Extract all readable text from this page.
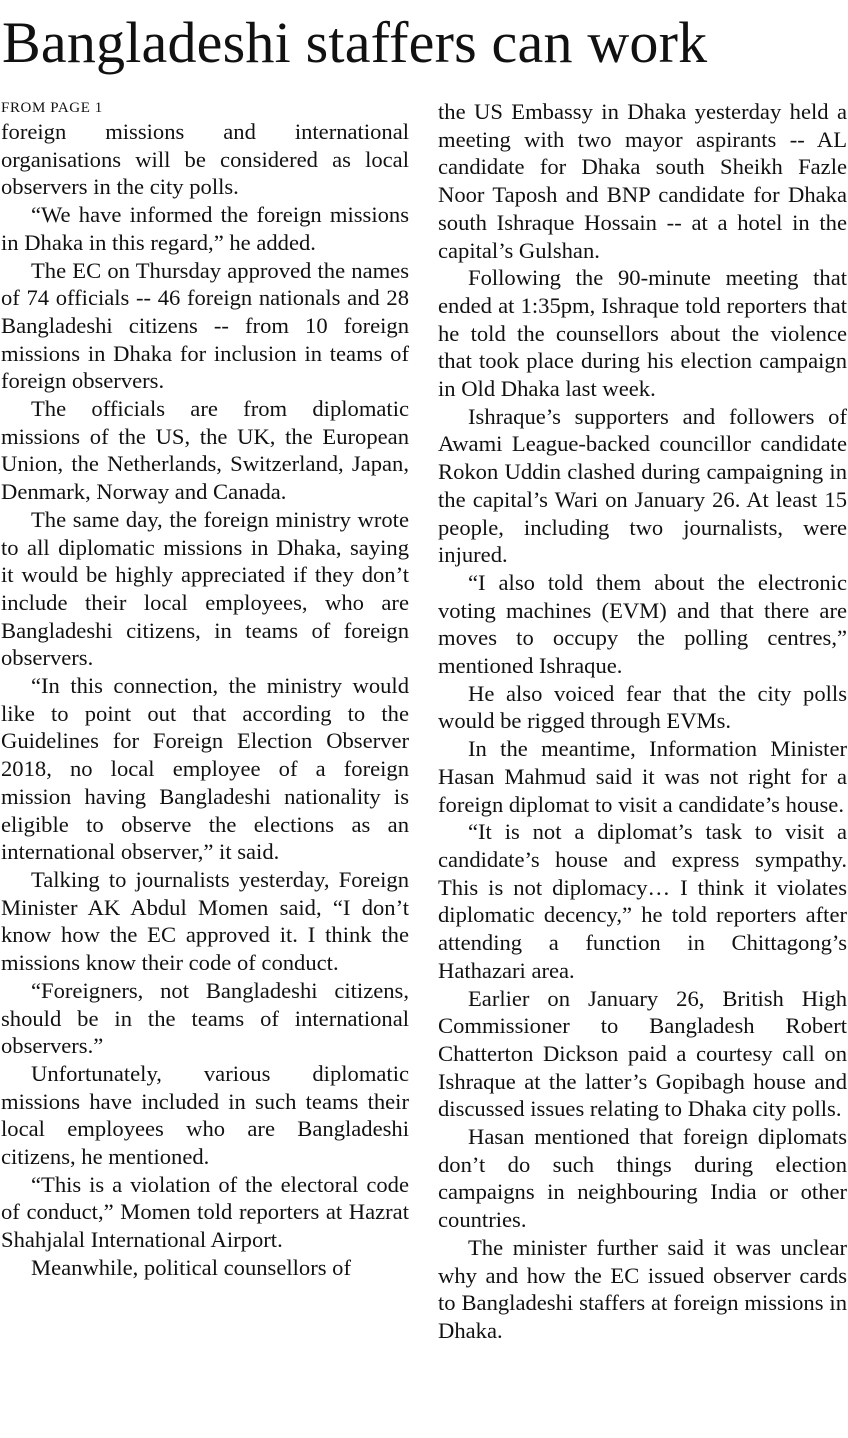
Bangladeshi staffers can work
FROM PAGE 1

foreign missions and international organisations will be considered as local observers in the city polls.

“We have informed the foreign missions in Dhaka in this regard,” he added.

The EC on Thursday approved the names of 74 officials -- 46 foreign nationals and 28 Bangladeshi citizens -- from 10 foreign missions in Dhaka for inclusion in teams of foreign observers.

The officials are from diplomatic missions of the US, the UK, the European Union, the Netherlands, Switzerland, Japan, Denmark, Norway and Canada.

The same day, the foreign ministry wrote to all diplomatic missions in Dhaka, saying it would be highly appreciated if they don’t include their local employees, who are Bangladeshi citizens, in teams of foreign observers.

“In this connection, the ministry would like to point out that according to the Guidelines for Foreign Election Observer 2018, no local employee of a foreign mission having Bangladeshi nationality is eligible to observe the elections as an international observer,” it said.

Talking to journalists yesterday, Foreign Minister AK Abdul Momen said, “I don’t know how the EC approved it. I think the missions know their code of conduct.

“Foreigners, not Bangladeshi citizens, should be in the teams of international observers.”

Unfortunately, various diplomatic missions have included in such teams their local employees who are Bangladeshi citizens, he mentioned.

“This is a violation of the electoral code of conduct,” Momen told reporters at Hazrat Shahjalal International Airport.

Meanwhile, political counsellors of

the US Embassy in Dhaka yesterday held a meeting with two mayor aspirants -- AL candidate for Dhaka south Sheikh Fazle Noor Taposh and BNP candidate for Dhaka south Ishraque Hossain -- at a hotel in the capital’s Gulshan.

Following the 90-minute meeting that ended at 1:35pm, Ishraque told reporters that he told the counsellors about the violence that took place during his election campaign in Old Dhaka last week.

Ishraque’s supporters and followers of Awami League-backed councillor candidate Rokon Uddin clashed during campaigning in the capital’s Wari on January 26. At least 15 people, including two journalists, were injured.

“I also told them about the electronic voting machines (EVM) and that there are moves to occupy the polling centres,” mentioned Ishraque.

He also voiced fear that the city polls would be rigged through EVMs.

In the meantime, Information Minister Hasan Mahmud said it was not right for a foreign diplomat to visit a candidate’s house.

“It is not a diplomat’s task to visit a candidate’s house and express sympathy. This is not diplomacy… I think it violates diplomatic decency,” he told reporters after attending a function in Chittagong’s Hathazari area.

Earlier on January 26, British High Commissioner to Bangladesh Robert Chatterton Dickson paid a courtesy call on Ishraque at the latter’s Gopibagh house and discussed issues relating to Dhaka city polls.

Hasan mentioned that foreign diplomats don’t do such things during election campaigns in neighbouring India or other countries.

The minister further said it was unclear why and how the EC issued observer cards to Bangladeshi staffers at foreign missions in Dhaka.
